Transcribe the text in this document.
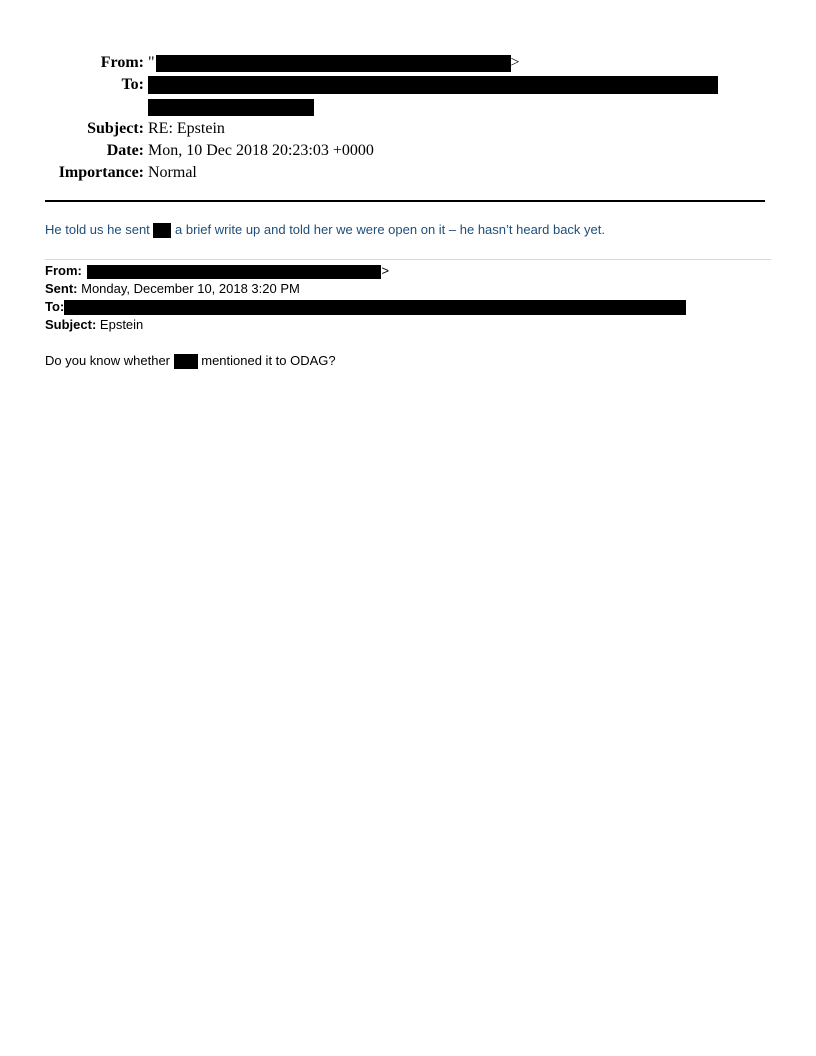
From: "	>
To:
Subject: RE: Epstein
Date: Mon, 10 Dec 2018 20:23:03 +0000
Importance: Normal
He told us he sent  a brief write up and told her we were open on it – he hasn’t heard back yet.
From:	>
Sent: Monday, December 10, 2018 3:20 PM
To:
Subject: Epstein
Do you know whether  mentioned it to ODAG?
